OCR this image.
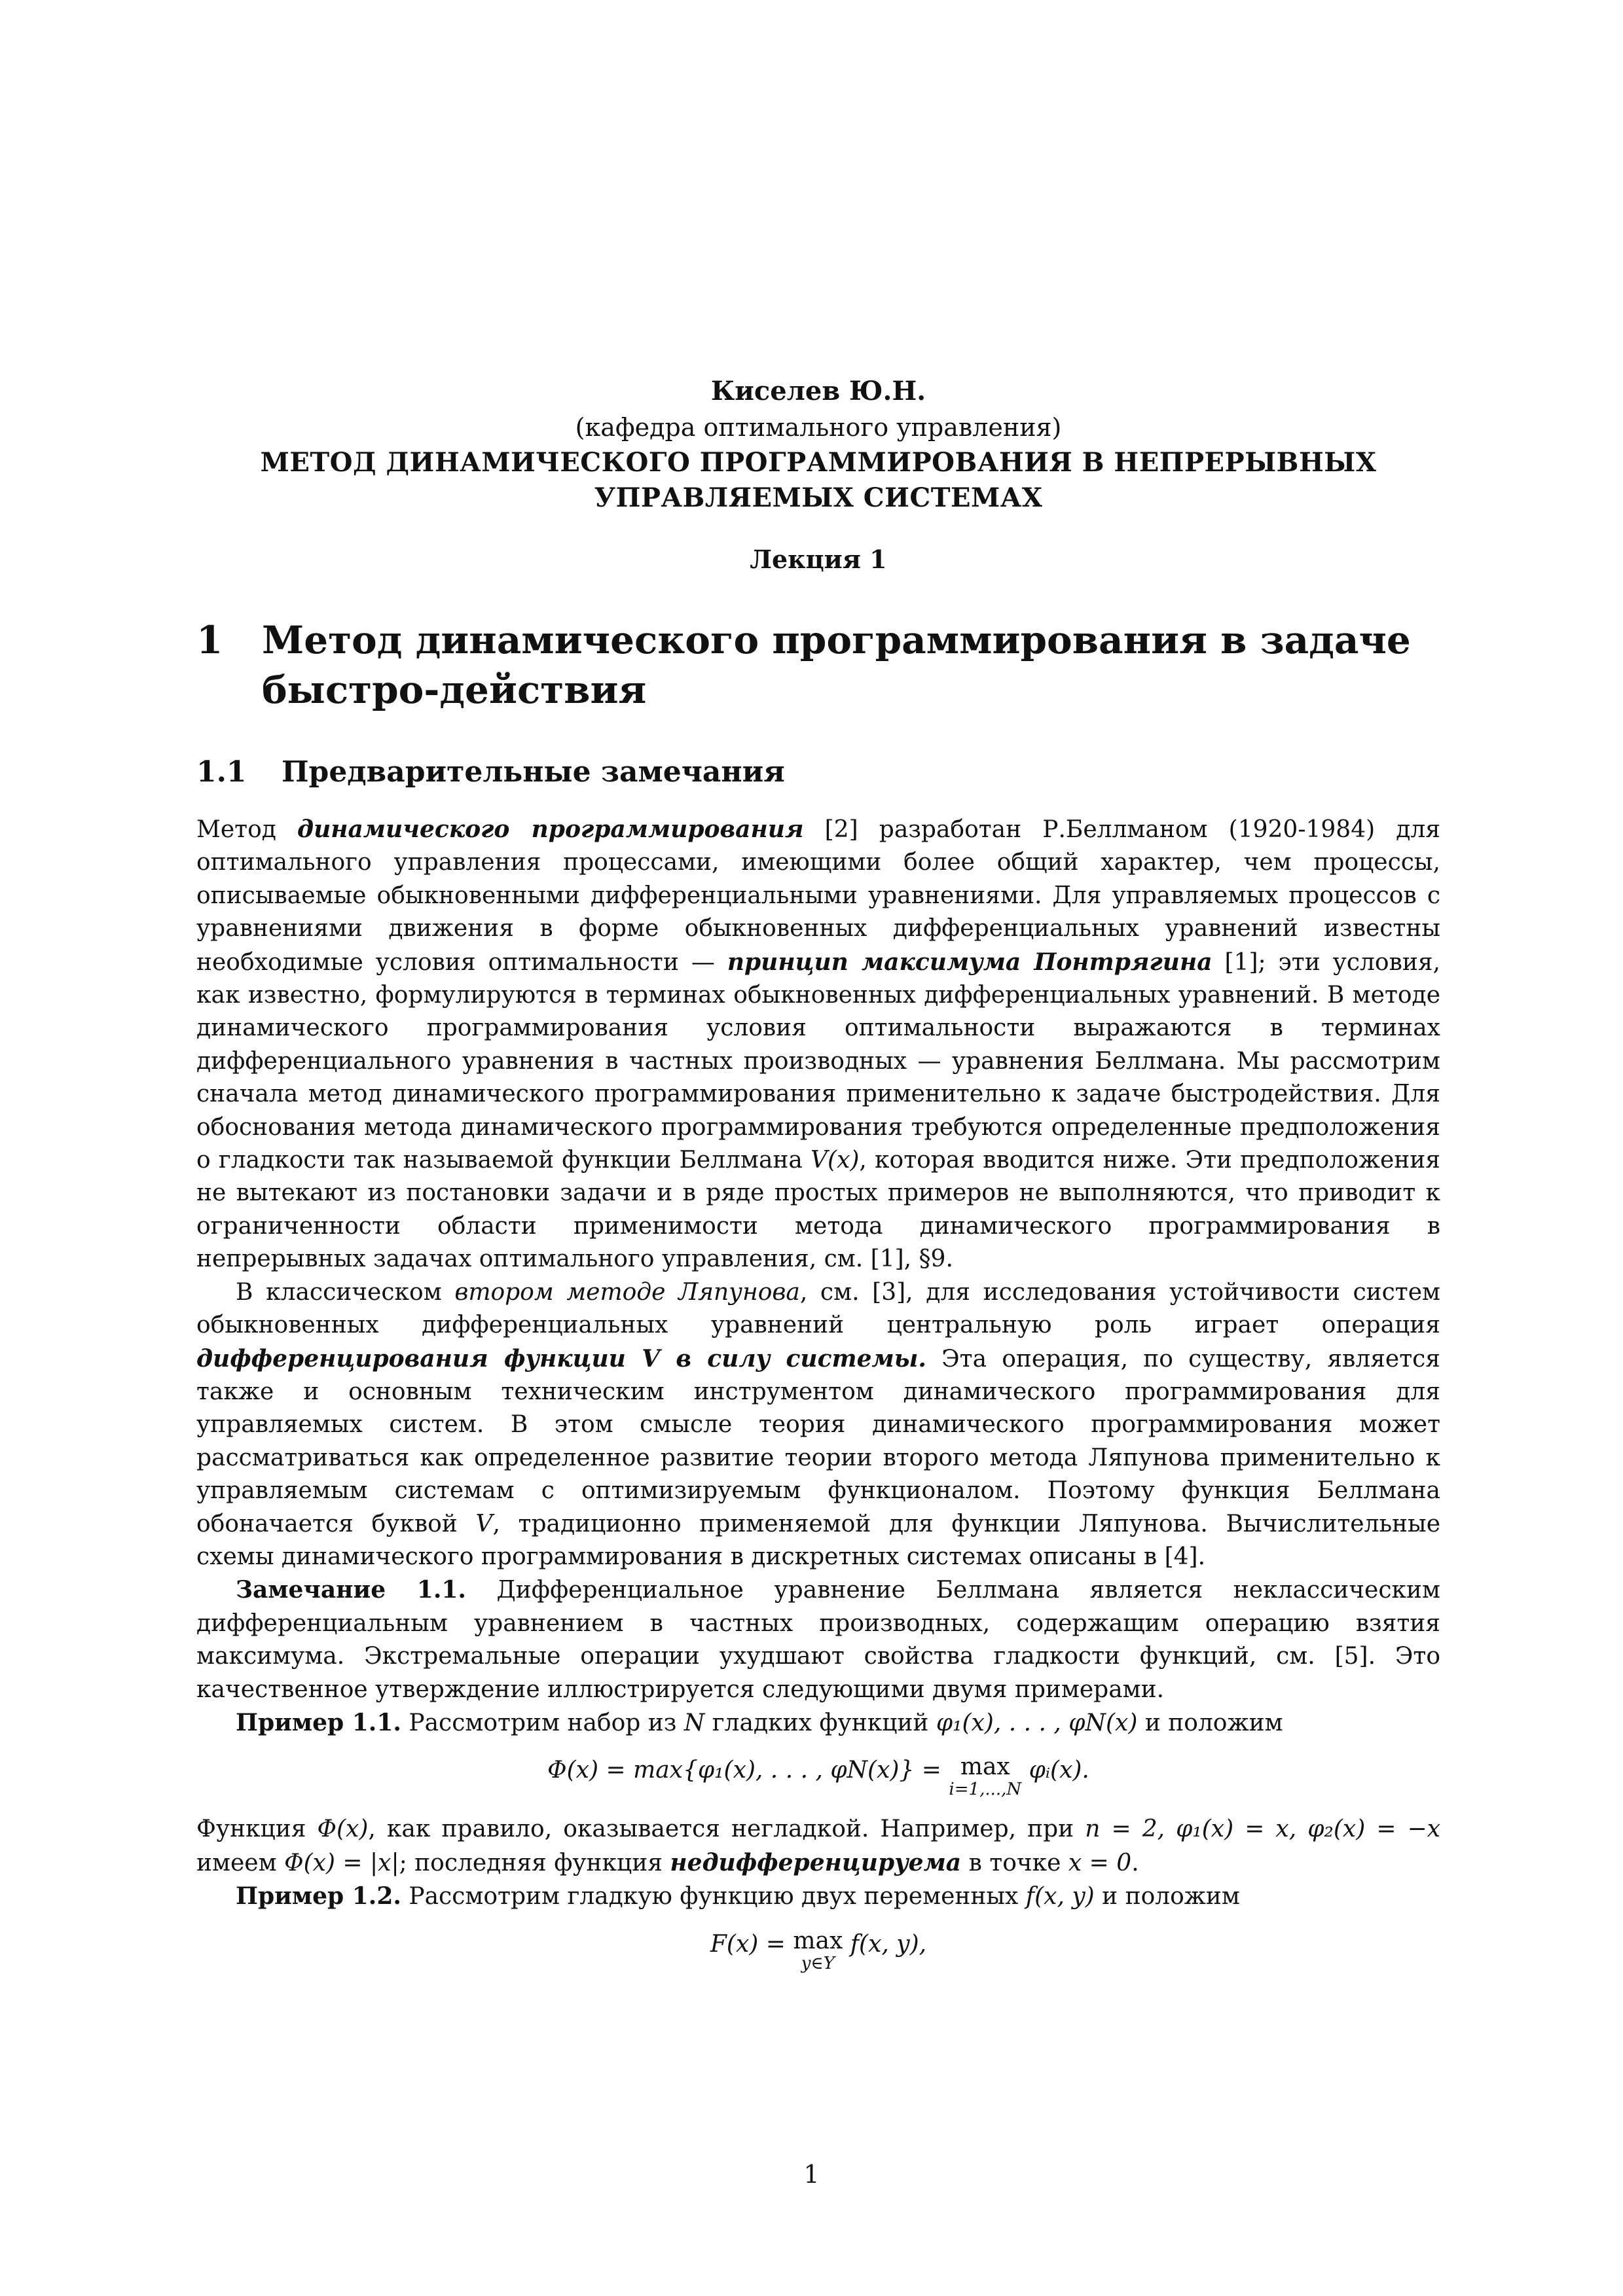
Киселев Ю.Н.
(кафедра оптимального управления)
МЕТОД ДИНАМИЧЕСКОГО ПРОГРАММИРОВАНИЯ В НЕПРЕРЫВНЫХ
УПРАВЛЯЕМЫХ СИСТЕМАХ
Лекция 1
1	Метод динамического программирования в задаче быстро-действия
1.1	Предварительные замечания

Метод динамического программирования [2] разработан Р.Беллманом (1920-1984) для оптимального управления процессами, имеющими более общий характер, чем процессы, описываемые обыкновенными дифференциальными уравнениями. Для управляемых процессов с уравнениями движения в форме обыкновенных дифференциальных уравнений известны необходимые условия оптимальности — принцип максимума Понтрягина [1]; эти условия, как известно, формулируются в терминах обыкновенных дифференциальных уравнений. В методе динамического программирования условия оптимальности выражаются в терминах дифференциального уравнения в частных производных — уравнения Беллмана. Мы рассмотрим сначала метод динамического программирования применительно к задаче быстродействия. Для обоснования метода динамического программирования требуются определенные предположения о гладкости так называемой функции Беллмана V(x), которая вводится ниже. Эти предположения не вытекают из постановки задачи и в ряде простых примеров не выполняются, что приводит к ограниченности области применимости метода динамического программирования в непрерывных задачах оптимального управления, см. [1], §9.

В классическом втором методе Ляпунова, см. [3], для исследования устойчивости систем обыкновенных дифференциальных уравнений центральную роль играет операция дифференцирования функции V в силу системы. Эта операция, по существу, является также и основным техническим инструментом динамического программирования для управляемых систем. В этом смысле теория динамического программирования может рассматриваться как определенное развитие теории второго метода Ляпунова применительно к управляемым системам с оптимизируемым функционалом. Поэтому функция Беллмана обоначается буквой V, традиционно применяемой для функции Ляпунова. Вычислительные схемы динамического программирования в дискретных системах описаны в [4].

Замечание 1.1. Дифференциальное уравнение Беллмана является неклассическим дифференциальным уравнением в частных производных, содержащим операцию взятия максимума. Экстремальные операции ухудшают свойства гладкости функций, см. [5]. Это качественное утверждение иллюстрируется следующими двумя примерами.

Пример 1.1. Рассмотрим набор из N гладких функций φ₁(x), . . . , φN(x) и положим

Φ(x) = max{φ₁(x), . . . , φN(x)} = max
i=1,...,N
φᵢ(x).

Функция Φ(x), как правило, оказывается негладкой. Например, при n = 2, φ₁(x) = x, φ₂(x) = −x имеем Φ(x) = |x|; последняя функция недифференцируема в точке x = 0.

Пример 1.2. Рассмотрим гладкую функцию двух переменных f(x, y) и положим

F(x) = max
y∈Y
f(x, y),
1
